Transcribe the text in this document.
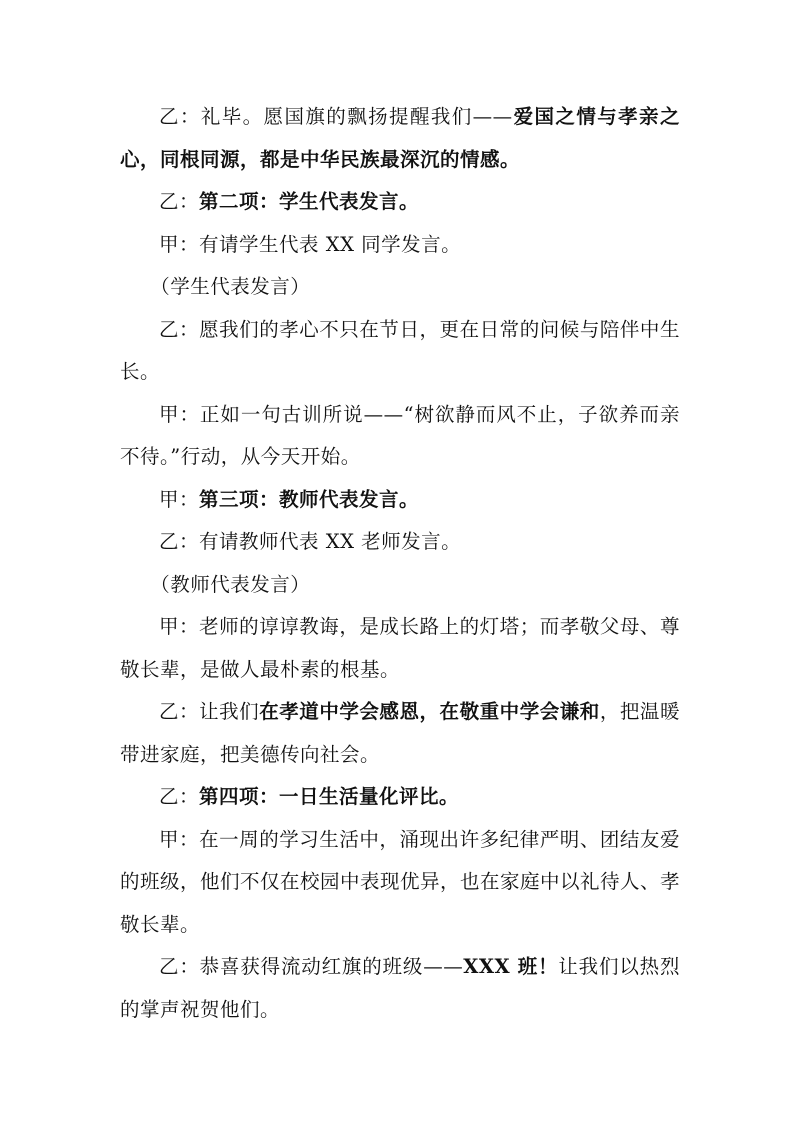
乙：礼毕。愿国旗的飘扬提醒我们——爱国之情与孝亲之心，同根同源，都是中华民族最深沉的情感。

乙：第二项：学生代表发言。

甲：有请学生代表 XX 同学发言。

（学生代表发言）

乙：愿我们的孝心不只在节日，更在日常的问候与陪伴中生长。

甲：正如一句古训所说——“树欲静而风不止，子欲养而亲不待。”行动，从今天开始。

甲：第三项：教师代表发言。

乙：有请教师代表 XX 老师发言。

（教师代表发言）

甲：老师的谆谆教诲，是成长路上的灯塔；而孝敬父母、尊敬长辈，是做人最朴素的根基。

乙：让我们在孝道中学会感恩，在敬重中学会谦和，把温暖带进家庭，把美德传向社会。

乙：第四项：一日生活量化评比。

甲：在一周的学习生活中，涌现出许多纪律严明、团结友爱的班级，他们不仅在校园中表现优异，也在家庭中以礼待人、孝敬长辈。

乙：恭喜获得流动红旗的班级——XXX 班！让我们以热烈的掌声祝贺他们。
